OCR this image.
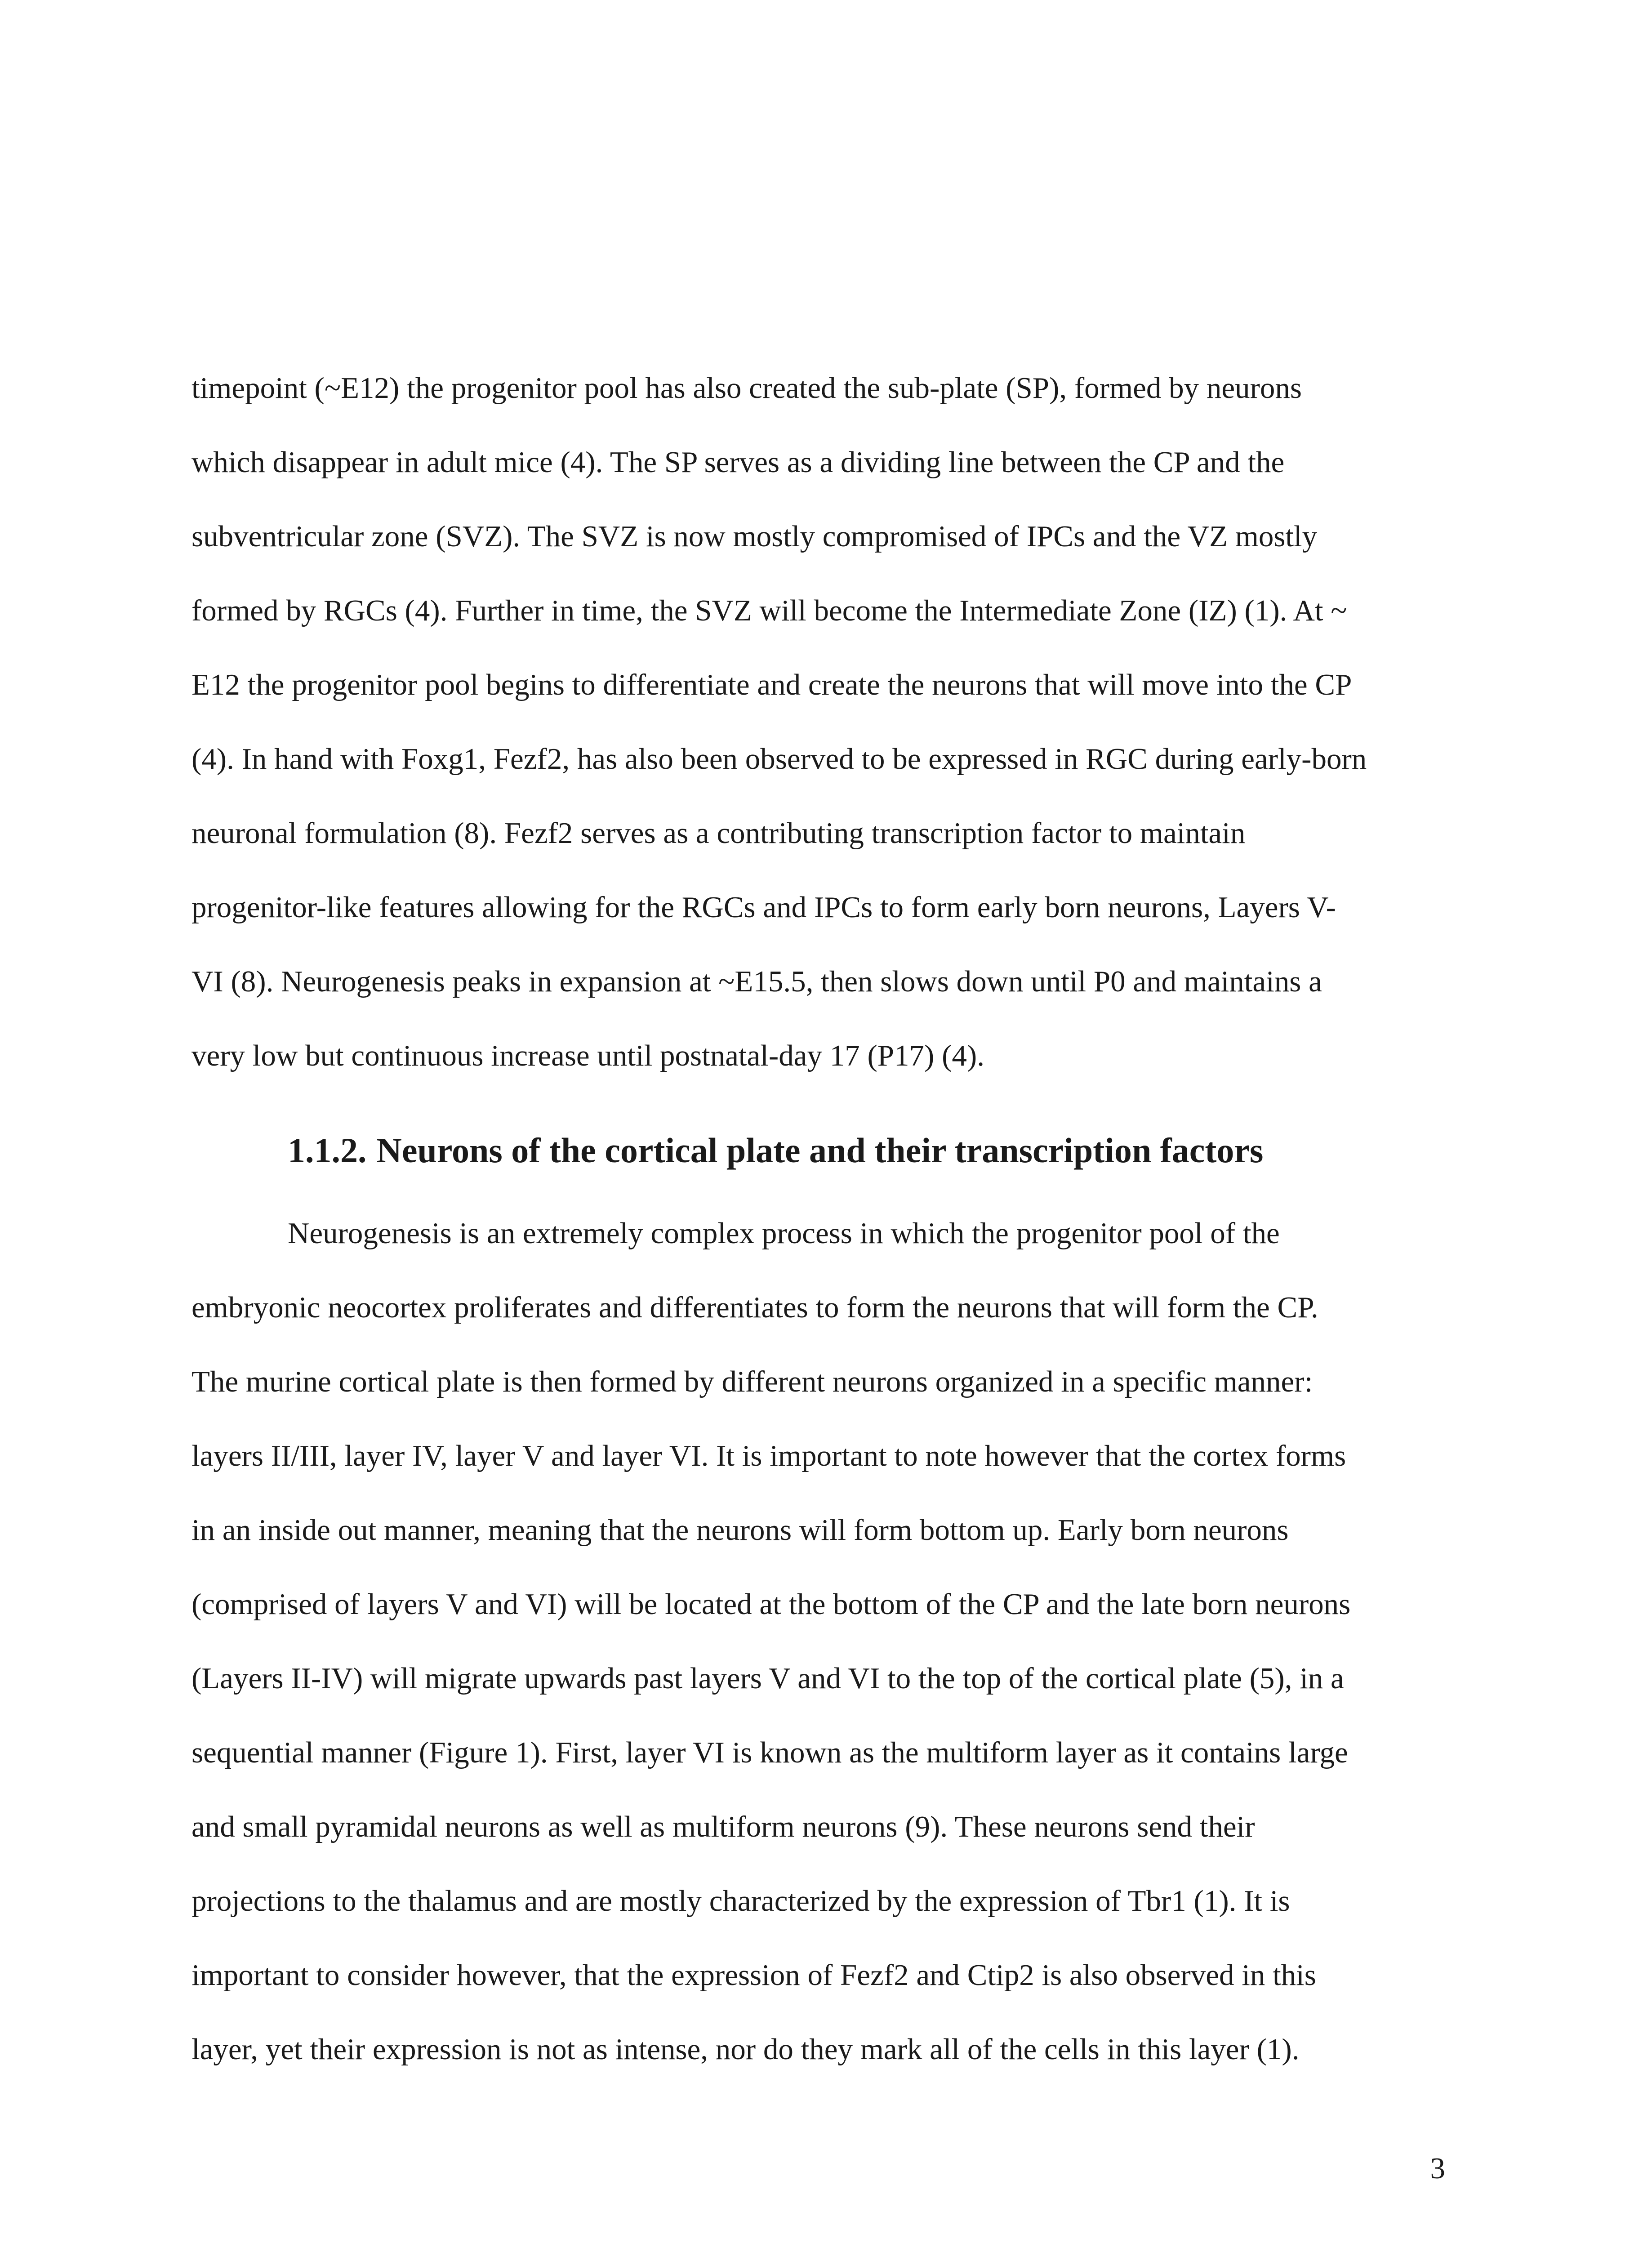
timepoint (~E12) the progenitor pool has also created the sub-plate (SP), formed by neurons

which disappear in adult mice (4). The SP serves as a dividing line between the CP and the

subventricular zone (SVZ). The SVZ is now mostly compromised of IPCs and the VZ mostly

formed by RGCs (4). Further in time, the SVZ will become the Intermediate Zone (IZ) (1). At ~

E12 the progenitor pool begins to differentiate and create the neurons that will move into the CP

(4). In hand with Foxg1, Fezf2, has also been observed to be expressed in RGC during early-born

neuronal formulation (8). Fezf2 serves as a contributing transcription factor to maintain

progenitor-like features allowing for the RGCs and IPCs to form early born neurons, Layers V-

VI (8). Neurogenesis peaks in expansion at ~E15.5, then slows down until P0 and maintains a

very low but continuous increase until postnatal-day 17 (P17) (4).

1.1.2. Neurons of the cortical plate and their transcription factors

Neurogenesis is an extremely complex process in which the progenitor pool of the

embryonic neocortex proliferates and differentiates to form the neurons that will form the CP.

The murine cortical plate is then formed by different neurons organized in a specific manner:

layers II/III, layer IV, layer V and layer VI. It is important to note however that the cortex forms

in an inside out manner, meaning that the neurons will form bottom up. Early born neurons

(comprised of layers V and VI) will be located at the bottom of the CP and the late born neurons

(Layers II-IV) will migrate upwards past layers V and VI to the top of the cortical plate (5), in a

sequential manner (Figure 1). First, layer VI is known as the multiform layer as it contains large

and small pyramidal neurons as well as multiform neurons (9). These neurons send their

projections to the thalamus and are mostly characterized by the expression of Tbr1 (1). It is

important to consider however, that the expression of Fezf2 and Ctip2 is also observed in this

layer, yet their expression is not as intense, nor do they mark all of the cells in this layer (1).

3
